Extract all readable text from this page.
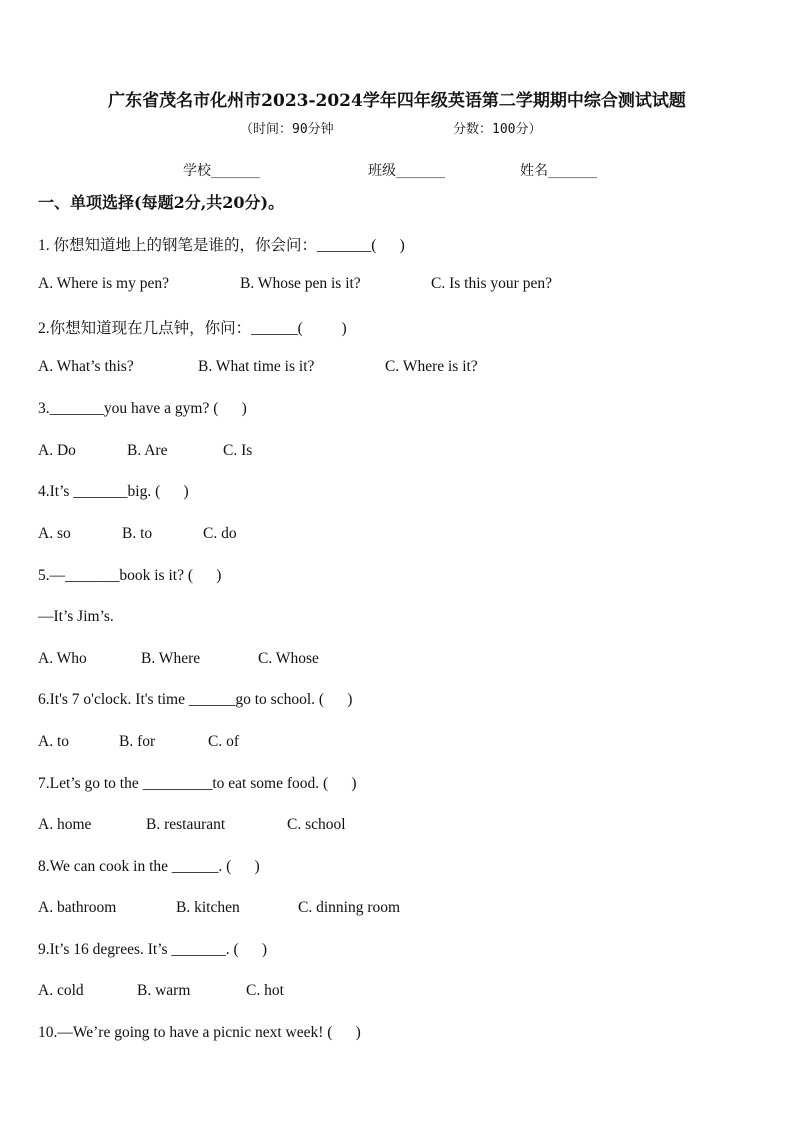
广东省茂名市化州市2023-2024学年四年级英语第二学期期中综合测试试题
（时间：90分钟	分数：100分）
学校_______	班级_______	姓名_______
一、单项选择(每题2分,共20分)。
1. 你想知道地上的钢笔是谁的，你会问：_______(      )
A. Where is my pen?	B. Whose pen is it?	C. Is this your pen?
2.你想知道现在几点钟，你问：______(          )
A. What’s this?	B. What time is it?	C. Where is it?
3._______you have a gym? (      )
A. Do	B. Are	C. Is
4.It’s _______big. (      )
A. so	B. to	C. do
5.—_______book is it? (      )
—It’s Jim’s.
A. Who	B. Where	C. Whose
6.It's 7 o'clock. It's time ______go to school. (      )
A. to	B. for	C. of
7.Let’s go to the _________to eat some food. (      )
A. home	B. restaurant	C. school
8.We can cook in the ______. (      )
A. bathroom	B. kitchen	C. dinning room
9.It’s 16 degrees. It’s _______. (      )
A. cold	B. warm	C. hot
10.—We’re going to have a picnic next week! (      )
